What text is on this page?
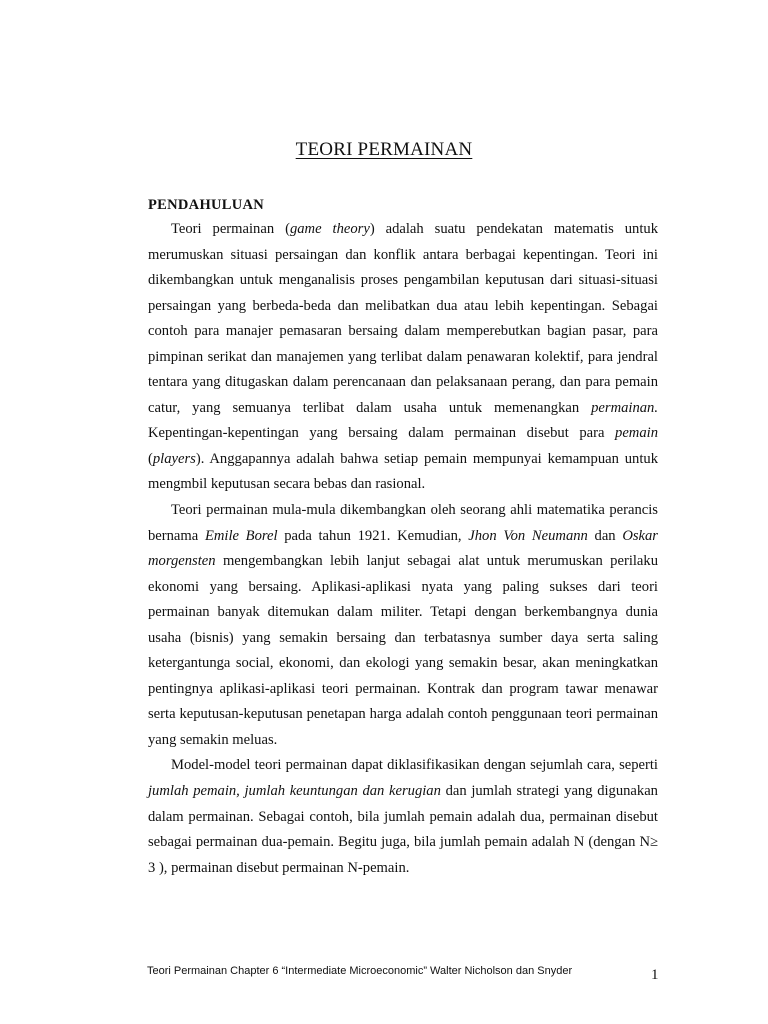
TEORI PERMAINAN
PENDAHULUAN

Teori permainan (game theory) adalah suatu pendekatan matematis untuk merumuskan situasi persaingan dan konflik antara berbagai kepentingan. Teori ini dikembangkan untuk menganalisis proses pengambilan keputusan dari situasi-situasi persaingan yang berbeda-beda dan melibatkan dua atau lebih kepentingan. Sebagai contoh para manajer pemasaran bersaing dalam memperebutkan bagian pasar, para pimpinan serikat dan manajemen yang terlibat dalam penawaran kolektif, para jendral tentara yang ditugaskan dalam perencanaan dan pelaksanaan perang, dan para pemain catur, yang semuanya terlibat dalam usaha untuk memenangkan permainan. Kepentingan-kepentingan yang bersaing dalam permainan disebut para pemain (players). Anggapannya adalah bahwa setiap pemain mempunyai kemampuan untuk mengmbil keputusan secara bebas dan rasional.

Teori permainan mula-mula dikembangkan oleh seorang ahli matematika perancis bernama Emile Borel pada tahun 1921. Kemudian, Jhon Von Neumann dan Oskar morgensten mengembangkan lebih lanjut sebagai alat untuk merumuskan perilaku ekonomi yang bersaing. Aplikasi-aplikasi nyata yang paling sukses dari teori permainan banyak ditemukan dalam militer. Tetapi dengan berkembangnya dunia usaha (bisnis) yang semakin bersaing dan terbatasnya sumber daya serta saling ketergantunga social, ekonomi, dan ekologi yang semakin besar, akan meningkatkan pentingnya aplikasi-aplikasi teori permainan. Kontrak dan program tawar menawar serta keputusan-keputusan penetapan harga adalah contoh penggunaan teori permainan yang semakin meluas.

Model-model teori permainan dapat diklasifikasikan dengan sejumlah cara, seperti jumlah pemain, jumlah keuntungan dan kerugian dan jumlah strategi yang digunakan dalam permainan. Sebagai contoh, bila jumlah pemain adalah dua, permainan disebut sebagai permainan dua-pemain. Begitu juga, bila jumlah pemain adalah N (dengan N≥ 3 ), permainan disebut permainan N-pemain.

Teori Permainan Chapter 6 “Intermediate Microeconomic” Walter Nicholson dan Snyder	1
